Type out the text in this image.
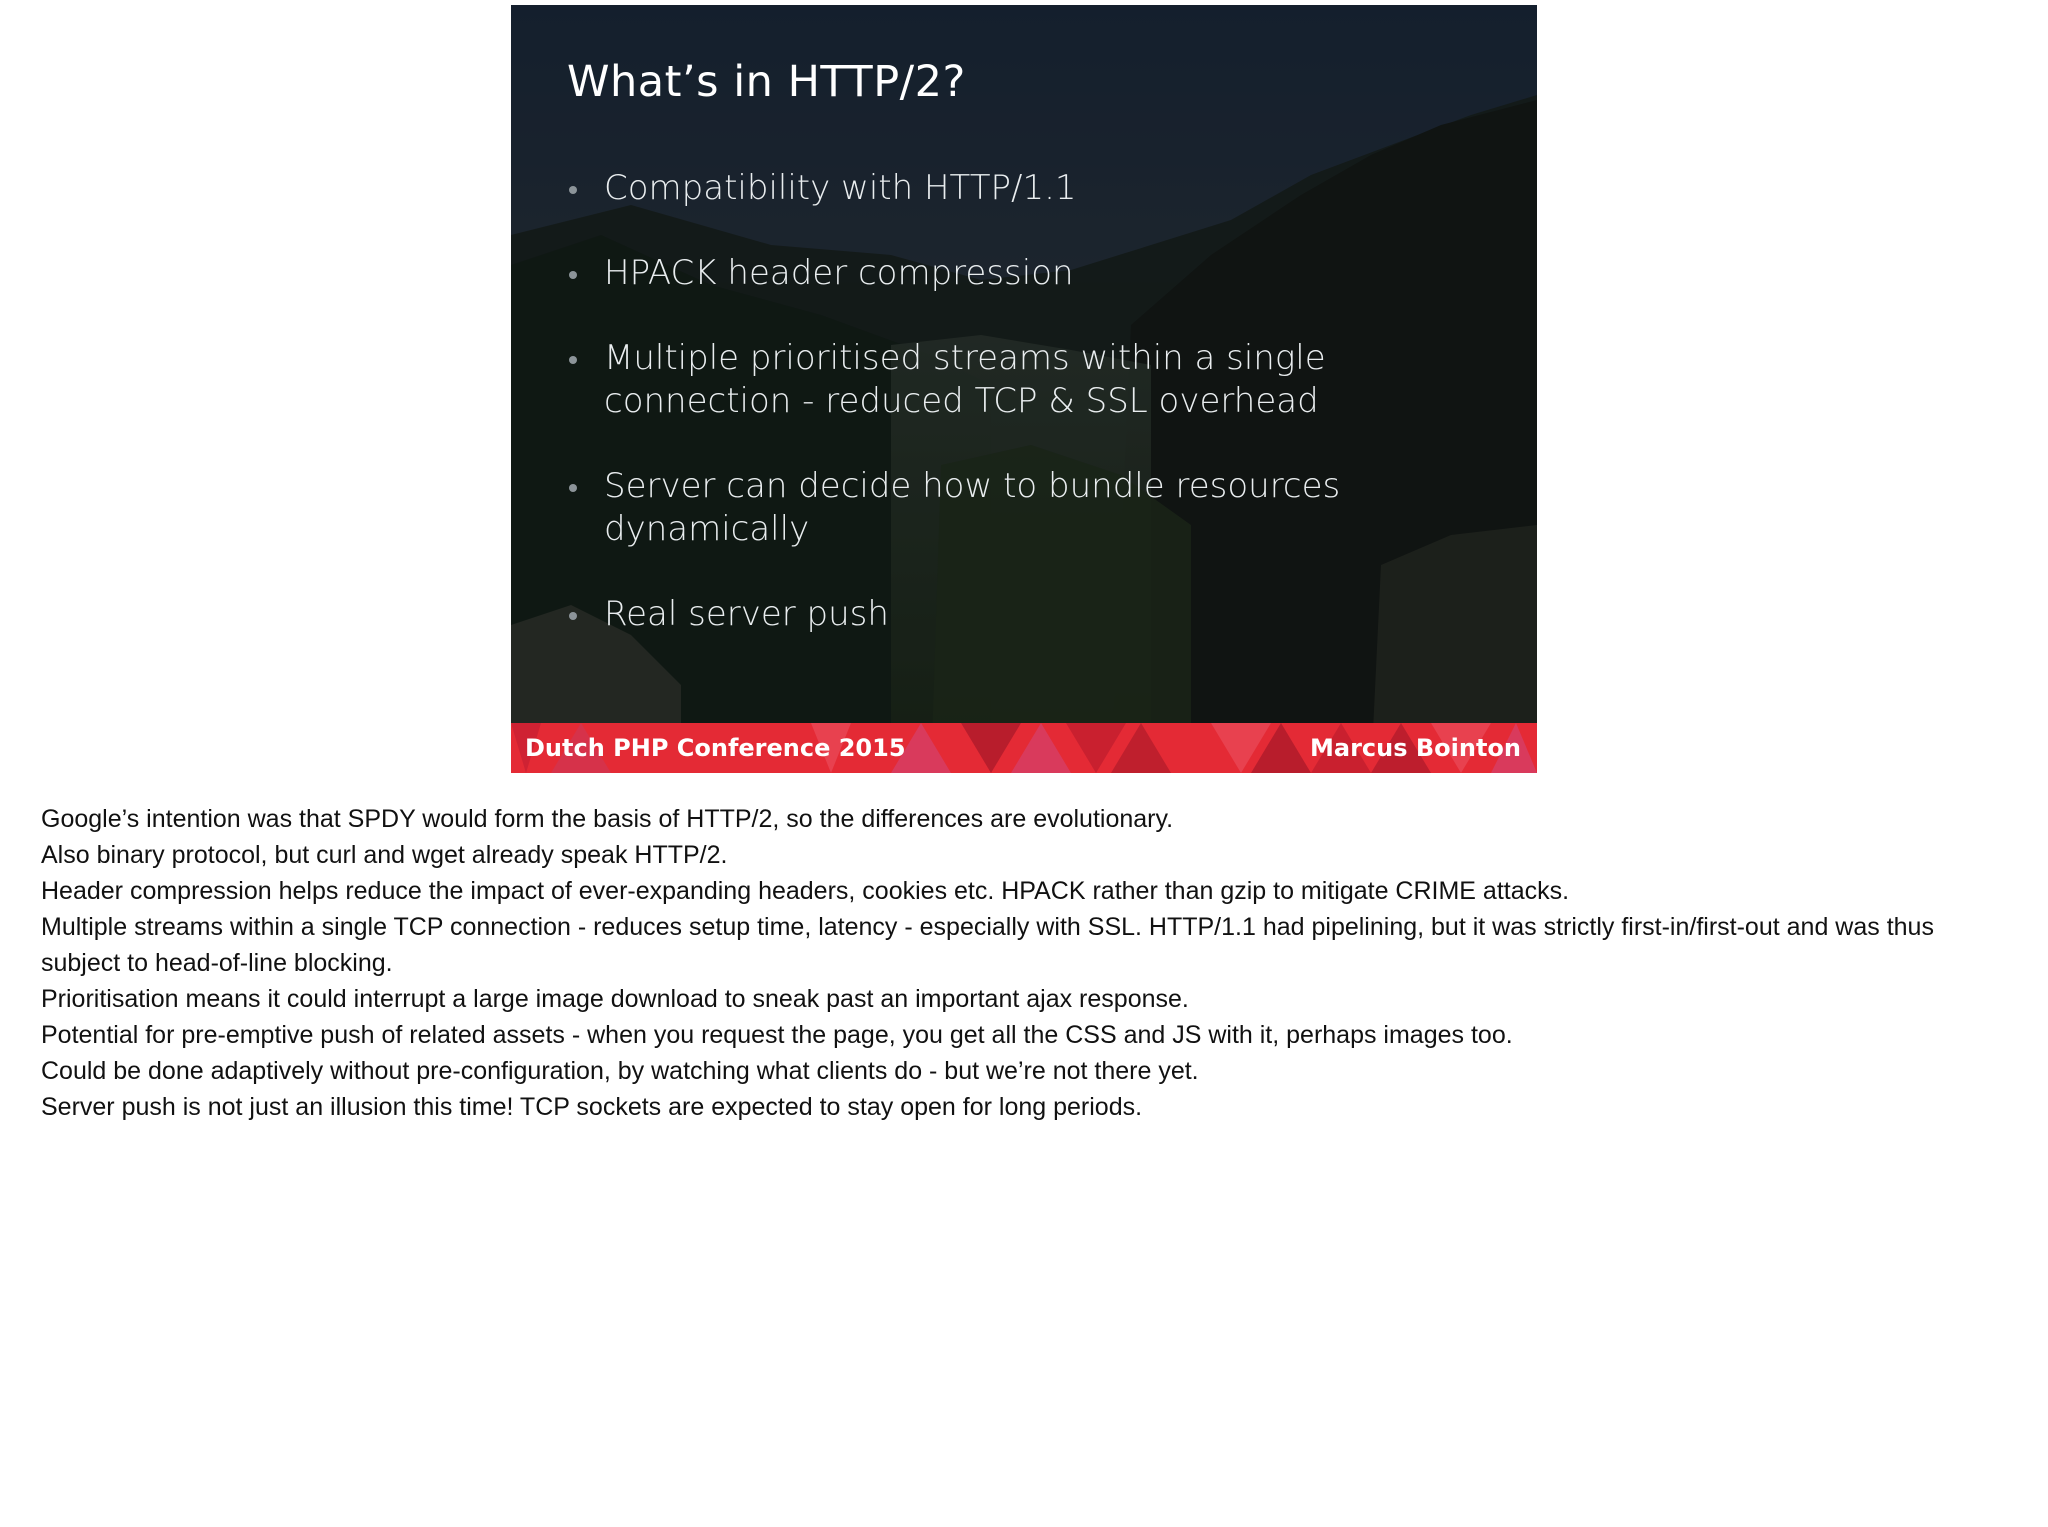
What’s in HTTP/2?
Compatibility with HTTP/1.1
HPACK header compression
Multiple prioritised streams within a single connection - reduced TCP & SSL overhead
Server can decide how to bundle resources dynamically
Real server push
Dutch PHP Conference 2015	Marcus Bointon
Google’s intention was that SPDY would form the basis of HTTP/2, so the differences are evolutionary.
Also binary protocol, but curl and wget already speak HTTP/2.
Header compression helps reduce the impact of ever-expanding headers, cookies etc. HPACK rather than gzip to mitigate CRIME attacks.
Multiple streams within a single TCP connection - reduces setup time, latency - especially with SSL. HTTP/1.1 had pipelining, but it was strictly first-in/first-out and was thus subject to head-of-line blocking.
Prioritisation means it could interrupt a large image download to sneak past an important ajax response.
Potential for pre-emptive push of related assets - when you request the page, you get all the CSS and JS with it, perhaps images too.
Could be done adaptively without pre-configuration, by watching what clients do - but we’re not there yet.
Server push is not just an illusion this time! TCP sockets are expected to stay open for long periods.
